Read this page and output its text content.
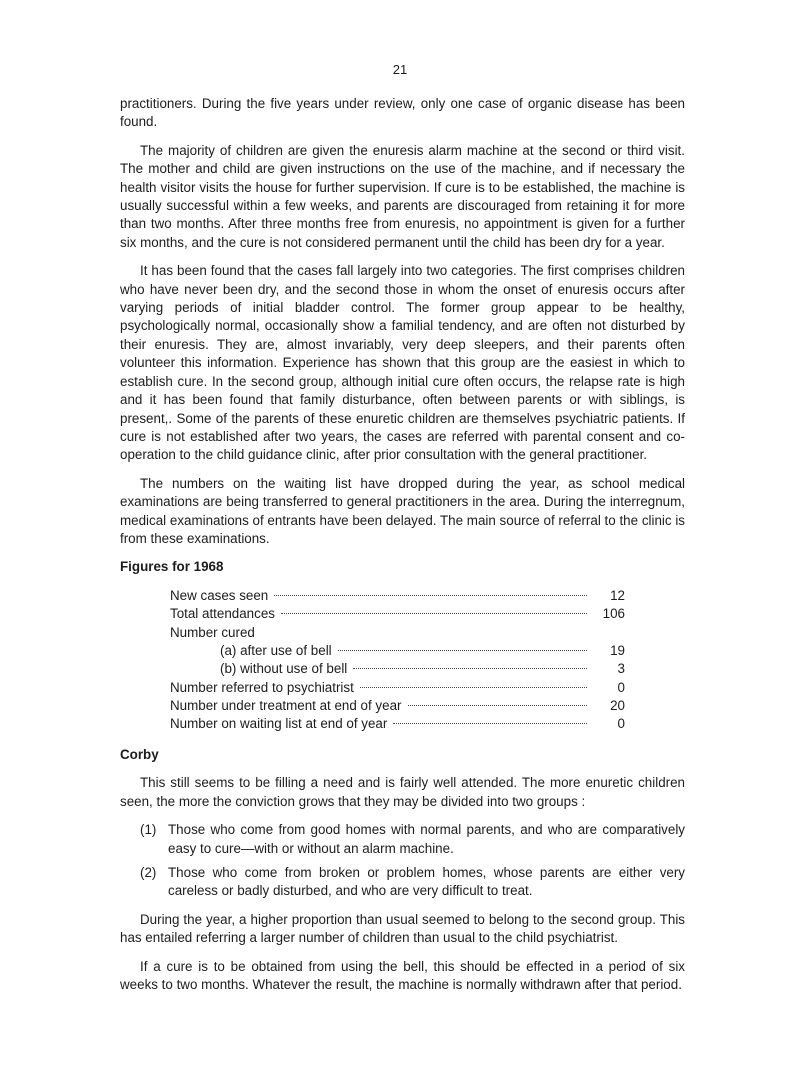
21

practitioners. During the five years under review, only one case of organic disease has been found.

The majority of children are given the enuresis alarm machine at the second or third visit. The mother and child are given instructions on the use of the machine, and if necessary the health visitor visits the house for further supervision. If cure is to be established, the machine is usually successful within a few weeks, and parents are discouraged from retaining it for more than two months. After three months free from enuresis, no appointment is given for a further six months, and the cure is not considered permanent until the child has been dry for a year.

It has been found that the cases fall largely into two categories. The first comprises children who have never been dry, and the second those in whom the onset of enuresis occurs after varying periods of initial bladder control. The former group appear to be healthy, psychologically normal, occasionally show a familial tendency, and are often not disturbed by their enuresis. They are, almost invariably, very deep sleepers, and their parents often volunteer this information. Experience has shown that this group are the easiest in which to establish cure. In the second group, although initial cure often occurs, the relapse rate is high and it has been found that family disturbance, often between parents or with siblings, is present,. Some of the parents of these enuretic children are themselves psychiatric patients. If cure is not established after two years, the cases are referred with parental consent and co-operation to the child guidance clinic, after prior consultation with the general practitioner.

The numbers on the waiting list have dropped during the year, as school medical examinations are being transferred to general practitioners in the area. During the interregnum, medical examinations of entrants have been delayed. The main source of referral to the clinic is from these examinations.

Figures for 1968
New cases seen	12
Total attendances	106
Number cured
(a) after use of bell	19
(b) without use of bell	3
Number referred to psychiatrist	0
Number under treatment at end of year	20
Number on waiting list at end of year	0
Corby

This still seems to be filling a need and is fairly well attended. The more enuretic children seen, the more the conviction grows that they may be divided into two groups :

(1) Those who come from good homes with normal parents, and who are comparatively easy to cure—with or without an alarm machine.
(2) Those who come from broken or problem homes, whose parents are either very careless or badly disturbed, and who are very difficult to treat.

During the year, a higher proportion than usual seemed to belong to the second group. This has entailed referring a larger number of children than usual to the child psychiatrist.

If a cure is to be obtained from using the bell, this should be effected in a period of six weeks to two months. Whatever the result, the machine is normally withdrawn after that period.
